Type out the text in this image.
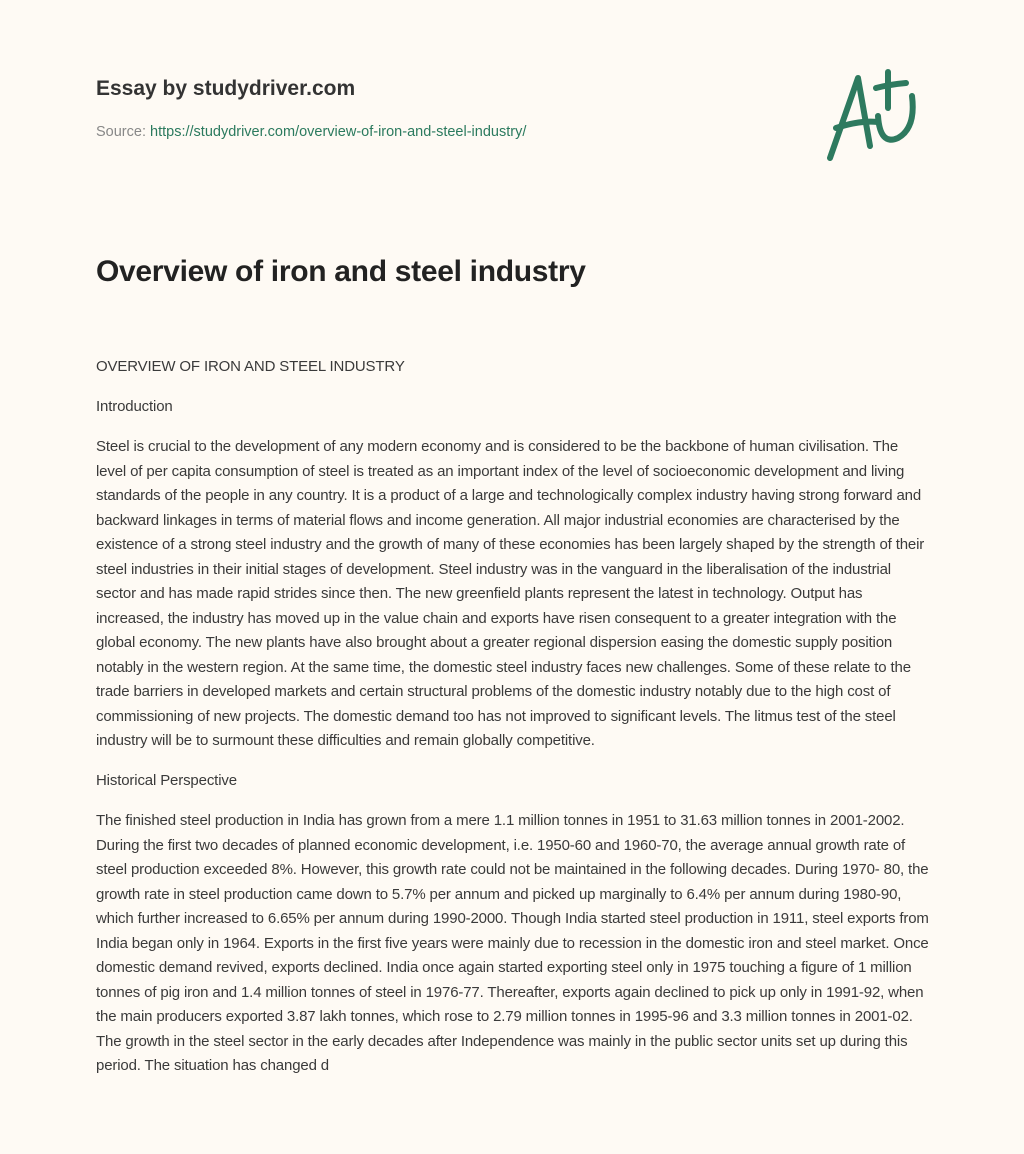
Essay by studydriver.com
Source: https://studydriver.com/overview-of-iron-and-steel-industry/
Overview of iron and steel industry

OVERVIEW OF IRON AND STEEL INDUSTRY

Introduction

Steel is crucial to the development of any modern economy and is considered to be the backbone of human civilisation. The level of per capita consumption of steel is treated as an important index of the level of socioeconomic development and living standards of the people in any country. It is a product of a large and technologically complex industry having strong forward and backward linkages in terms of material flows and income generation. All major industrial economies are characterised by the existence of a strong steel industry and the growth of many of these economies has been largely shaped by the strength of their steel industries in their initial stages of development. Steel industry was in the vanguard in the liberalisation of the industrial sector and has made rapid strides since then. The new greenfield plants represent the latest in technology. Output has increased, the industry has moved up in the value chain and exports have risen consequent to a greater integration with the global economy. The new plants have also brought about a greater regional dispersion easing the domestic supply position notably in the western region. At the same time, the domestic steel industry faces new challenges. Some of these relate to the trade barriers in developed markets and certain structural problems of the domestic industry notably due to the high cost of commissioning of new projects. The domestic demand too has not improved to significant levels. The litmus test of the steel industry will be to surmount these difficulties and remain globally competitive.

Historical Perspective

The finished steel production in India has grown from a mere 1.1 million tonnes in 1951 to 31.63 million tonnes in 2001-2002. During the first two decades of planned economic development, i.e. 1950-60 and 1960-70, the average annual growth rate of steel production exceeded 8%. However, this growth rate could not be maintained in the following decades. During 1970- 80, the growth rate in steel production came down to 5.7% per annum and picked up marginally to 6.4% per annum during 1980-90, which further increased to 6.65% per annum during 1990-2000. Though India started steel production in 1911, steel exports from India began only in 1964. Exports in the first five years were mainly due to recession in the domestic iron and steel market. Once domestic demand revived, exports declined. India once again started exporting steel only in 1975 touching a figure of 1 million tonnes of pig iron and 1.4 million tonnes of steel in 1976-77. Thereafter, exports again declined to pick up only in 1991-92, when the main producers exported 3.87 lakh tonnes, which rose to 2.79 million tonnes in 1995-96 and 3.3 million tonnes in 2001-02. The growth in the steel sector in the early decades after Independence was mainly in the public sector units set up during this period. The situation has changed d
